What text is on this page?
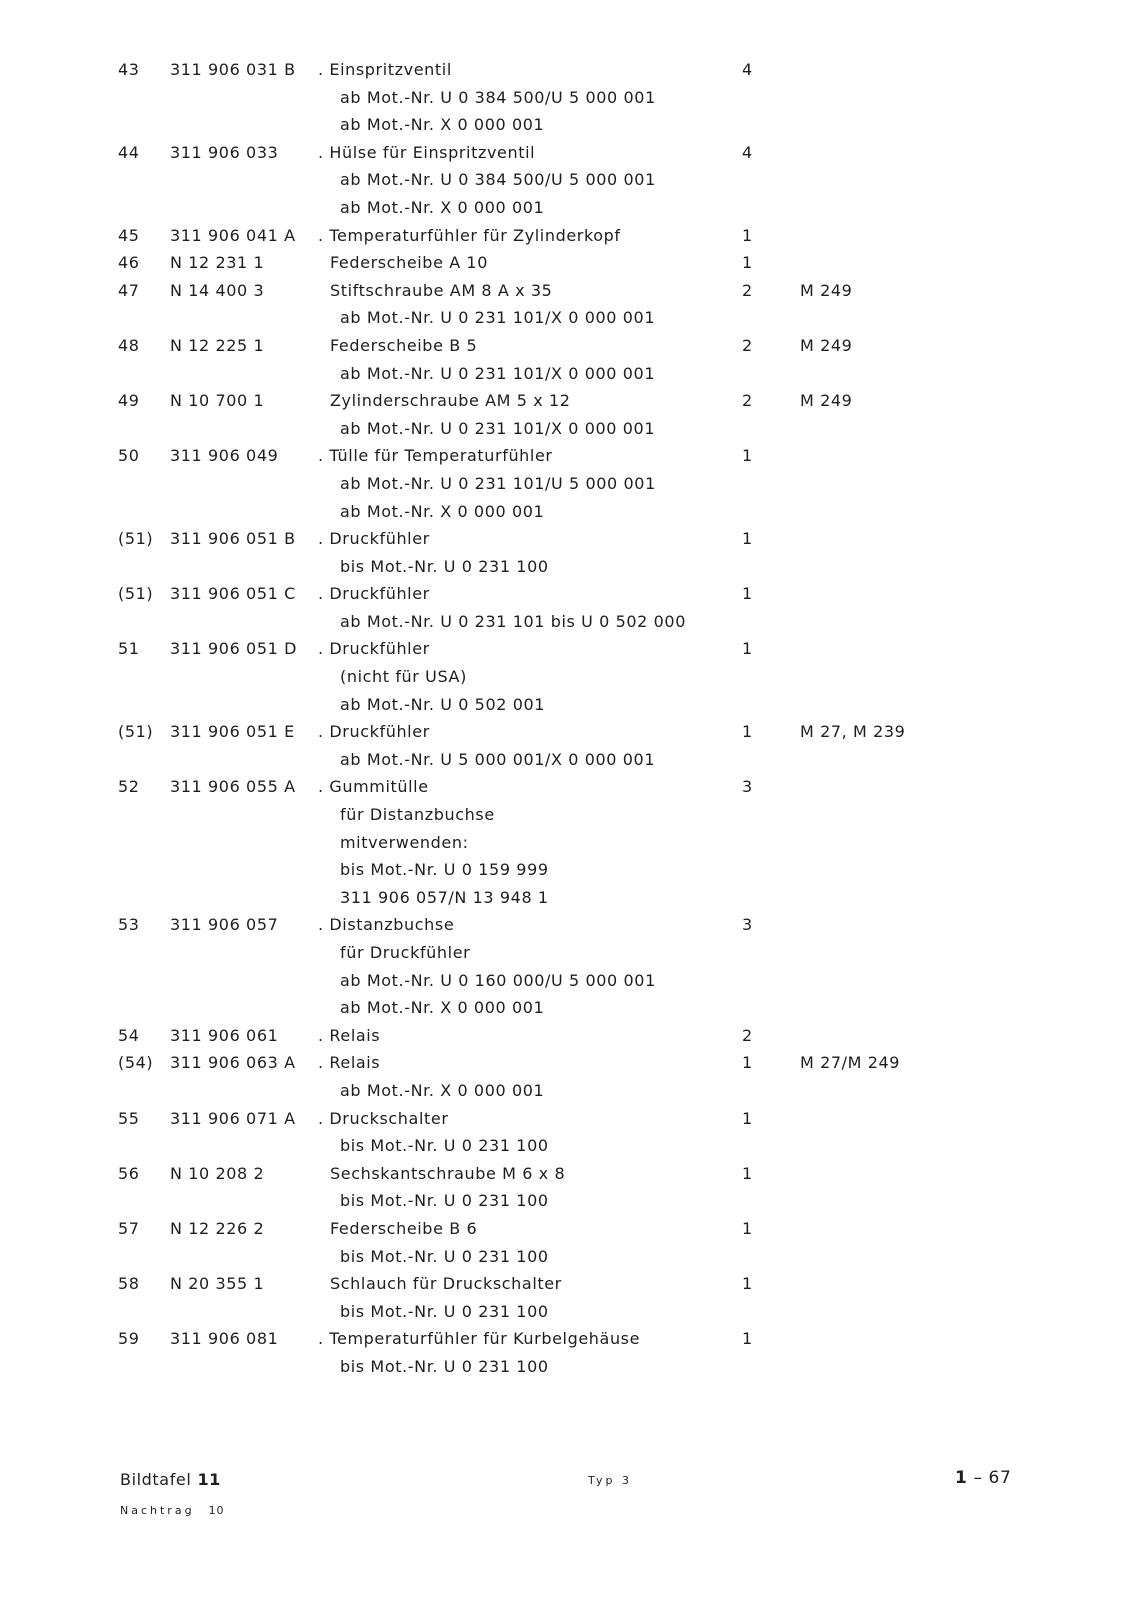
43 311 906 031 B . Einspritzventil	4
ab Mot.-Nr. U 0 384 500/U 5 000 001
ab Mot.-Nr. X 0 000 001
44 311 906 033 . Hülse für Einspritzventil	4
ab Mot.-Nr. U 0 384 500/U 5 000 001
ab Mot.-Nr. X 0 000 001
45 311 906 041 A . Temperaturfühler für Zylinderkopf	1
46 N 12 231 1	Federscheibe A 10	1
47 N 14 400 3	Stiftschraube AM 8 A x 35	2	M 249
ab Mot.-Nr. U 0 231 101/X 0 000 001
48 N 12 225 1	Federscheibe B 5	2	M 249
ab Mot.-Nr. U 0 231 101/X 0 000 001
49 N 10 700 1	Zylinderschraube AM 5 x 12	2	M 249
ab Mot.-Nr. U 0 231 101/X 0 000 001
50 311 906 049 . Tülle für Temperaturfühler	1
ab Mot.-Nr. U 0 231 101/U 5 000 001
ab Mot.-Nr. X 0 000 001
(51) 311 906 051 B . Druckfühler	1
bis Mot.-Nr. U 0 231 100
(51) 311 906 051 C . Druckfühler	1
ab Mot.-Nr. U 0 231 101 bis U 0 502 000
51 311 906 051 D . Druckfühler	1
(nicht für USA)
ab Mot.-Nr. U 0 502 001
(51) 311 906 051 E . Druckfühler	1	M 27, M 239
ab Mot.-Nr. U 5 000 001/X 0 000 001
52 311 906 055 A . Gummitülle	3
für Distanzbuchse
mitverwenden:
bis Mot.-Nr. U 0 159 999
311 906 057/N 13 948 1
53 311 906 057 . Distanzbuchse	3
für Druckfühler
ab Mot.-Nr. U 0 160 000/U 5 000 001
ab Mot.-Nr. X 0 000 001
54 311 906 061 . Relais	2
(54) 311 906 063 A . Relais	1	M 27/M 249
ab Mot.-Nr. X 0 000 001
55 311 906 071 A . Druckschalter	1
bis Mot.-Nr. U 0 231 100
56 N 10 208 2	Sechskantschraube M 6 x 8	1
bis Mot.-Nr. U 0 231 100
57 N 12 226 2	Federscheibe B 6	1
bis Mot.-Nr. U 0 231 100
58 N 20 355 1	Schlauch für Druckschalter	1
bis Mot.-Nr. U 0 231 100
59 311 906 081 . Temperaturfühler für Kurbelgehäuse	1
bis Mot.-Nr. U 0 231 100
Bildtafel 11
Nachtrag 10
Typ 3	1 – 67
